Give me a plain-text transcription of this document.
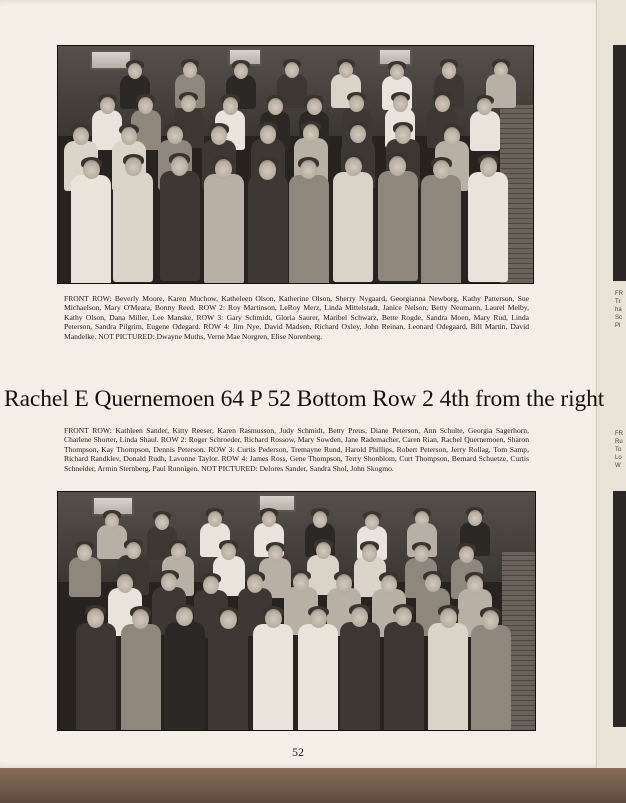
FRONT ROW: Beverly Moore, Karen Muchow, Katheleen Olson, Katherine Olson, Sherry Nygaard, Georgianna Newborg, Kathy Patterson, Sue Michaelson, Mary O'Meara, Bonny Reed. ROW 2: Roy Martinson, LeRoy Merz, Linda Mittelstadt, Janice Nelson, Betty Neumann, Laurel Melby, Kathy Olson, Dana Miller, Lee Manske, ROW 3: Gary Schmidt, Gloria Saurer, Maribel Schwarz, Bette Rogde, Sandra Moen, Mary Rud, Linda Peterson, Sandra Pilgrim, Eugene Odegard. ROW 4: Jim Nye, David Madsen, Richard Oxley, John Reinan, Leonard Odegaard, Bill Martin, David Mandelke. NOT PICTURED: Dwayne Muths, Verne Mae Norgren, Elise Norenberg.
FRONT ROW: Kathleen Sander, Kitty Reeser, Karen Rasmusson, Judy Schmidt, Betty Preus, Diane Peterson, Ann Schulte, Georgia Sagerhorn, Charlene Shorter, Linda Shaul. ROW 2: Roger Schroeder, Richard Rossow, Mary Sowden, Jane Rademacher, Caren Rian, Rachel Quernemoen, Sharon Thompson, Kay Thompson, Dennis Peterson. ROW 3: Curtis Pederson, Tremayne Rund, Harold Phillips, Robert Peterson, Jerry Rollag, Tom Samp, Richard Randklev, Donald Rudh, Lavonne Taylor. ROW 4: James Ross, Gene Thompson, Terry Shonblom, Curt Thompson, Bernard Schuetze, Curtis Schneider, Armin Sternberg, Paul Runnigen. NOT PICTURED: Delores Sander, Sandra Shol, John Skogmo.
52
FR
Tr
ha
Sc
Pl
FR
Ru
To
Lo
W
Rachel E Quernemoen 64 P 52 Bottom Row 2 4th from the right
